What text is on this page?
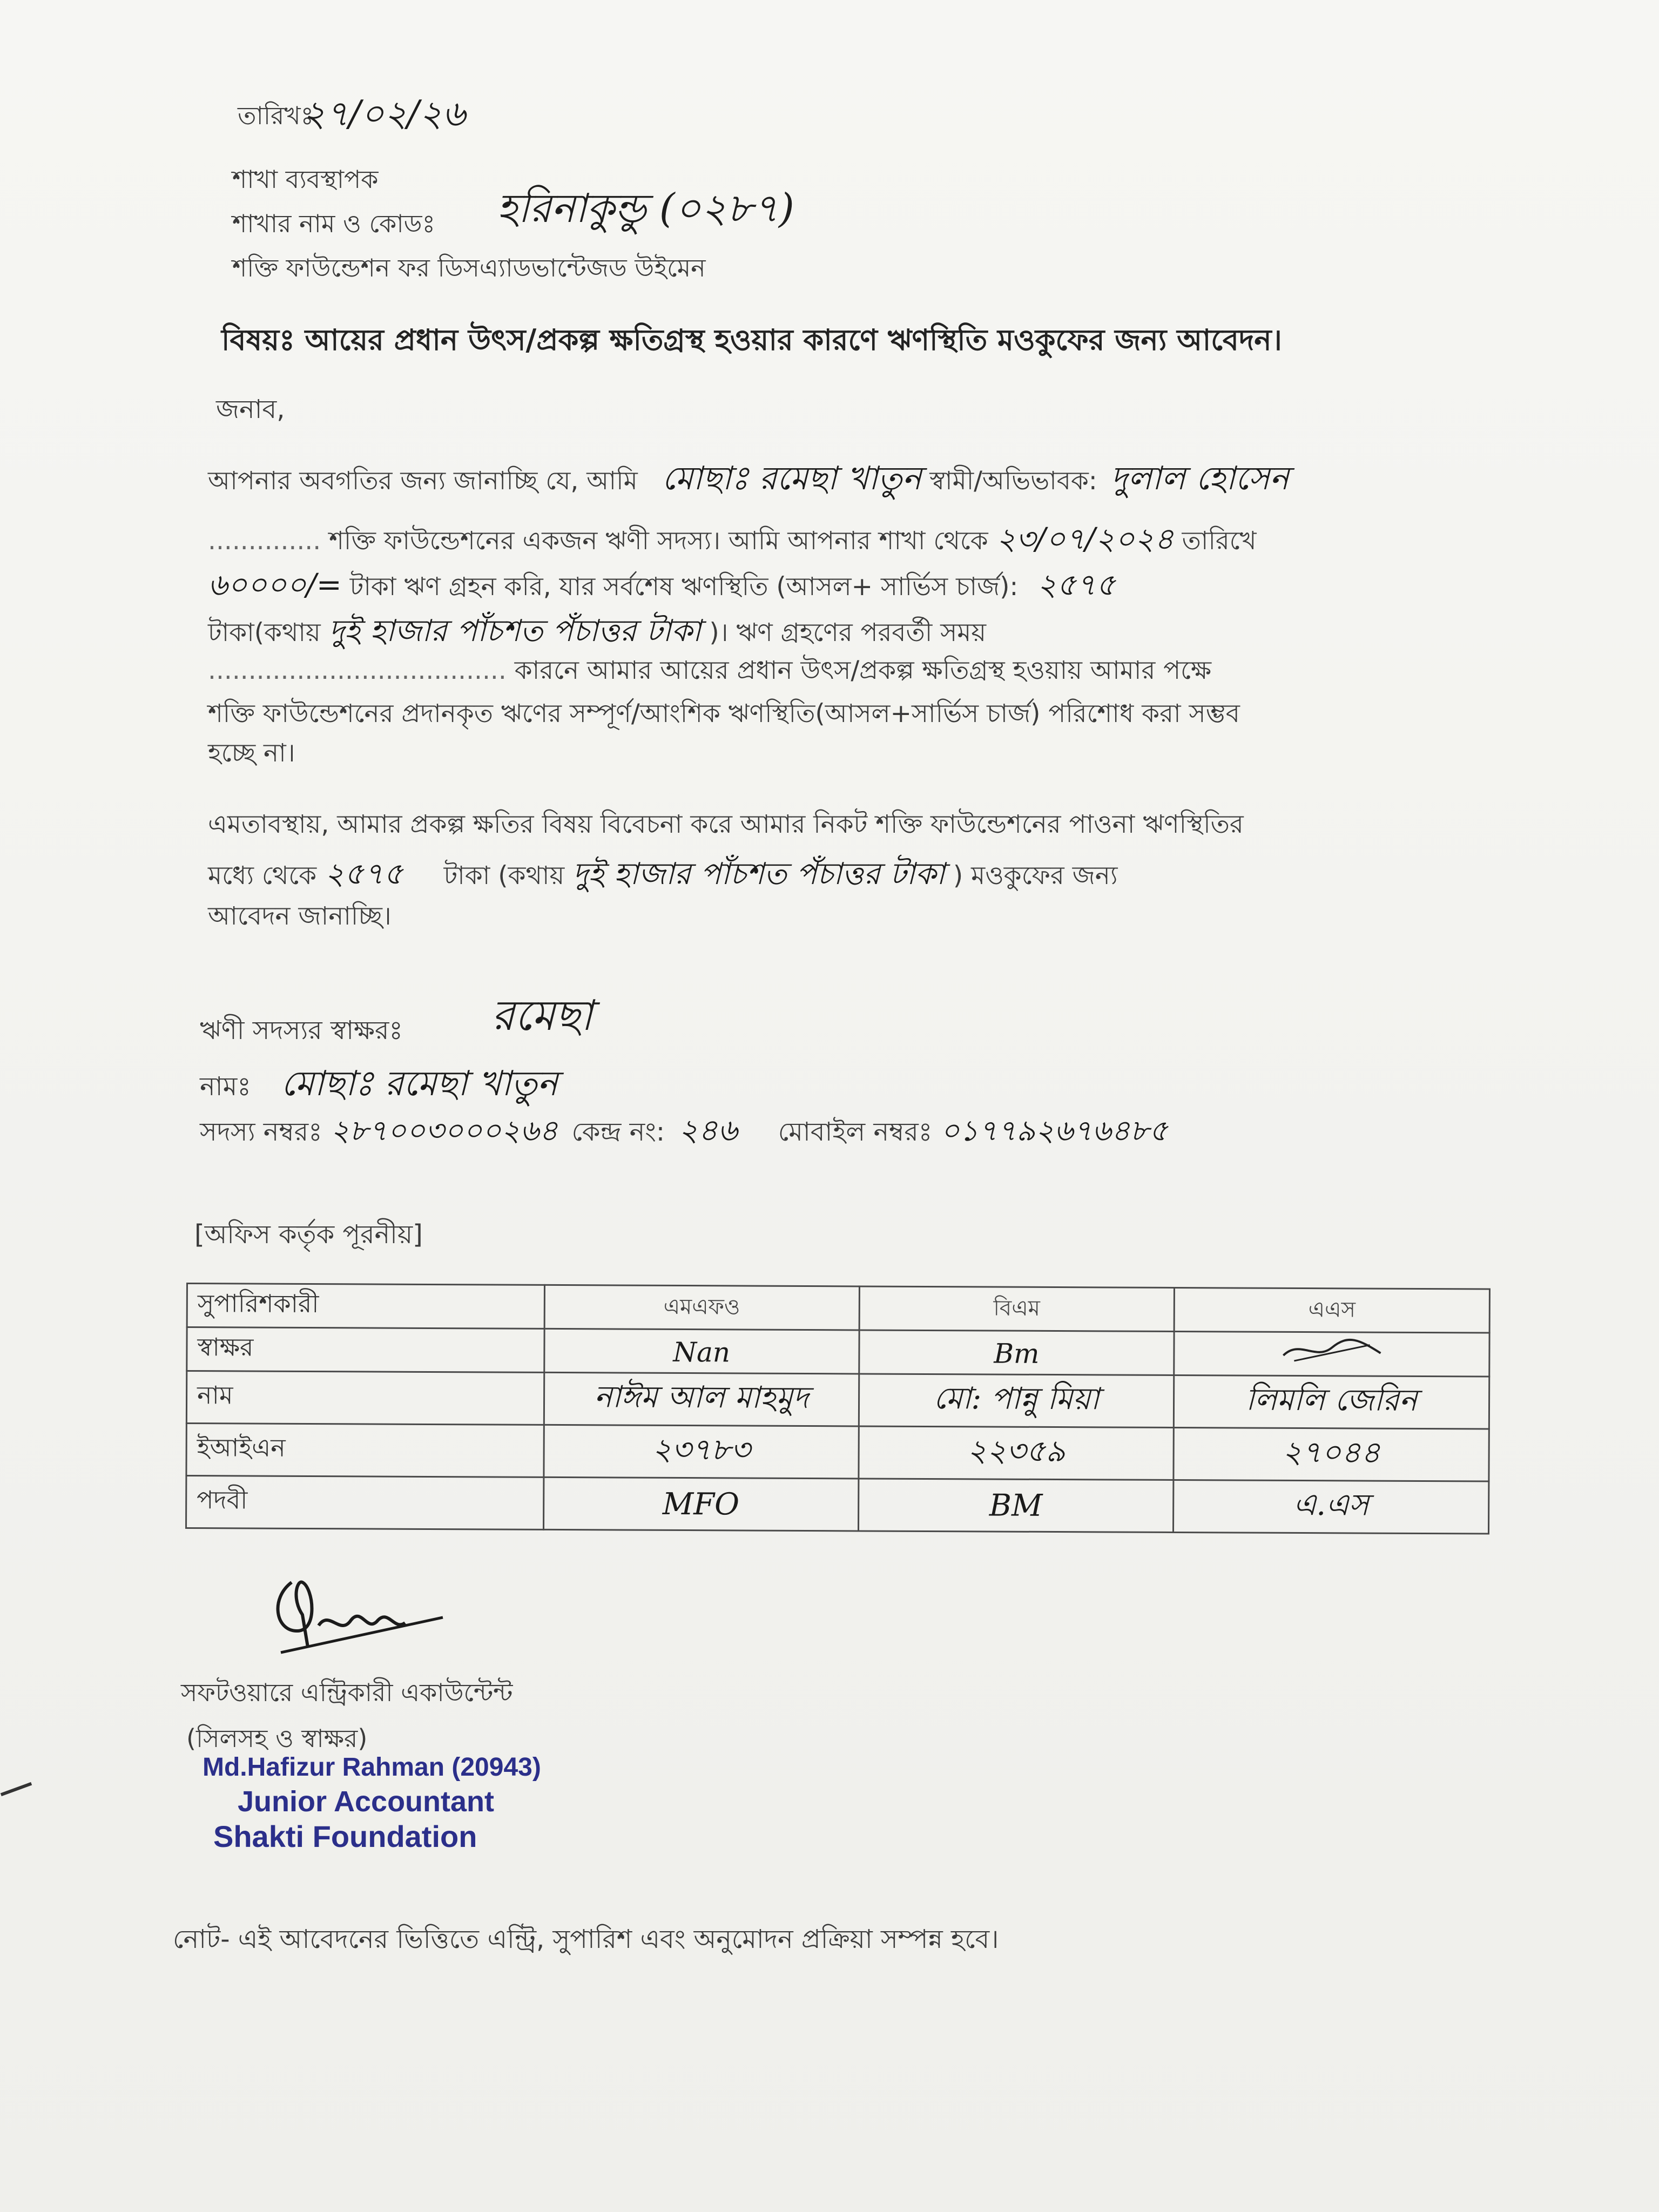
তারিখঃ
২৭/০২/২৬
শাখা ব্যবস্থাপক
শাখার নাম ও কোডঃ হরিনাকুন্ডু (০২৮৭)
শক্তি ফাউন্ডেশন ফর ডিসএ্যাডভান্টেজড উইমেন
বিষয়ঃ আয়ের প্রধান উৎস/প্রকল্প ক্ষতিগ্রস্থ হওয়ার কারণে ঋণস্থিতি মওকুফের জন্য আবেদন।
জনাব,
আপনার অবগতির জন্য জানাচ্ছি যে, আমি মোছাঃ রমেছা খাতুন স্বামী/অভিভাবক: দুলাল হোসেন
.............. শক্তি ফাউন্ডেশনের একজন ঋণী সদস্য। আমি আপনার শাখা থেকে ২৩/০৭/২০২৪ তারিখে
৬০০০০/= টাকা ঋণ গ্রহন করি, যার সর্বশেষ ঋণস্থিতি (আসল+ সার্ভিস চার্জ): ২৫৭৫
টাকা(কথায় দুই হাজার পাঁচশত পঁচাত্তর টাকা )। ঋণ গ্রহণের পরবর্তী সময়
..................................... কারনে আমার আয়ের প্রধান উৎস/প্রকল্প ক্ষতিগ্রস্থ হওয়ায় আমার পক্ষে
শক্তি ফাউন্ডেশনের প্রদানকৃত ঋণের সম্পূর্ণ/আংশিক ঋণস্থিতি(আসল+সার্ভিস চার্জ) পরিশোধ করা সম্ভব
হচ্ছে না।
এমতাবস্থায়, আমার প্রকল্প ক্ষতির বিষয় বিবেচনা করে আমার নিকট শক্তি ফাউন্ডেশনের পাওনা ঋণস্থিতির
মধ্যে থেকে ২৫৭৫ টাকা (কথায় দুই হাজার পাঁচশত পঁচাত্তর টাকা ) মওকুফের জন্য
আবেদন জানাচ্ছি।
ঋণী সদস্যর স্বাক্ষরঃ রমেছা
নামঃ মোছাঃ রমেছা খাতুন
সদস্য নম্বরঃ ২৮৭০০৩০০০২৬৪ কেন্দ্র নং: ২৪৬ মোবাইল নম্বরঃ ০১৭৭৯২৬৭৬৪৮৫
[অফিস কর্তৃক পূরনীয়]
সুপারিশকারী	এমএফও	বিএম	এএস
স্বাক্ষর	Nan	Bm	
নাম	নাঈম আল মাহমুদ	মো: পান্নু মিয়া	লিমলি জেরিন
ইআইএন	২৩৭৮৩	২২৩৫৯	২৭০৪৪
পদবী	MFO	BM	এ.এস
সফটওয়ারে এন্ট্রিকারী একাউন্টেন্ট
(সিলসহ ও স্বাক্ষর)
Md.Hafizur Rahman (20943)
Junior Accountant
Shakti Foundation
নোট- এই আবেদনের ভিত্তিতে এন্ট্রি, সুপারিশ এবং অনুমোদন প্রক্রিয়া সম্পন্ন হবে।
